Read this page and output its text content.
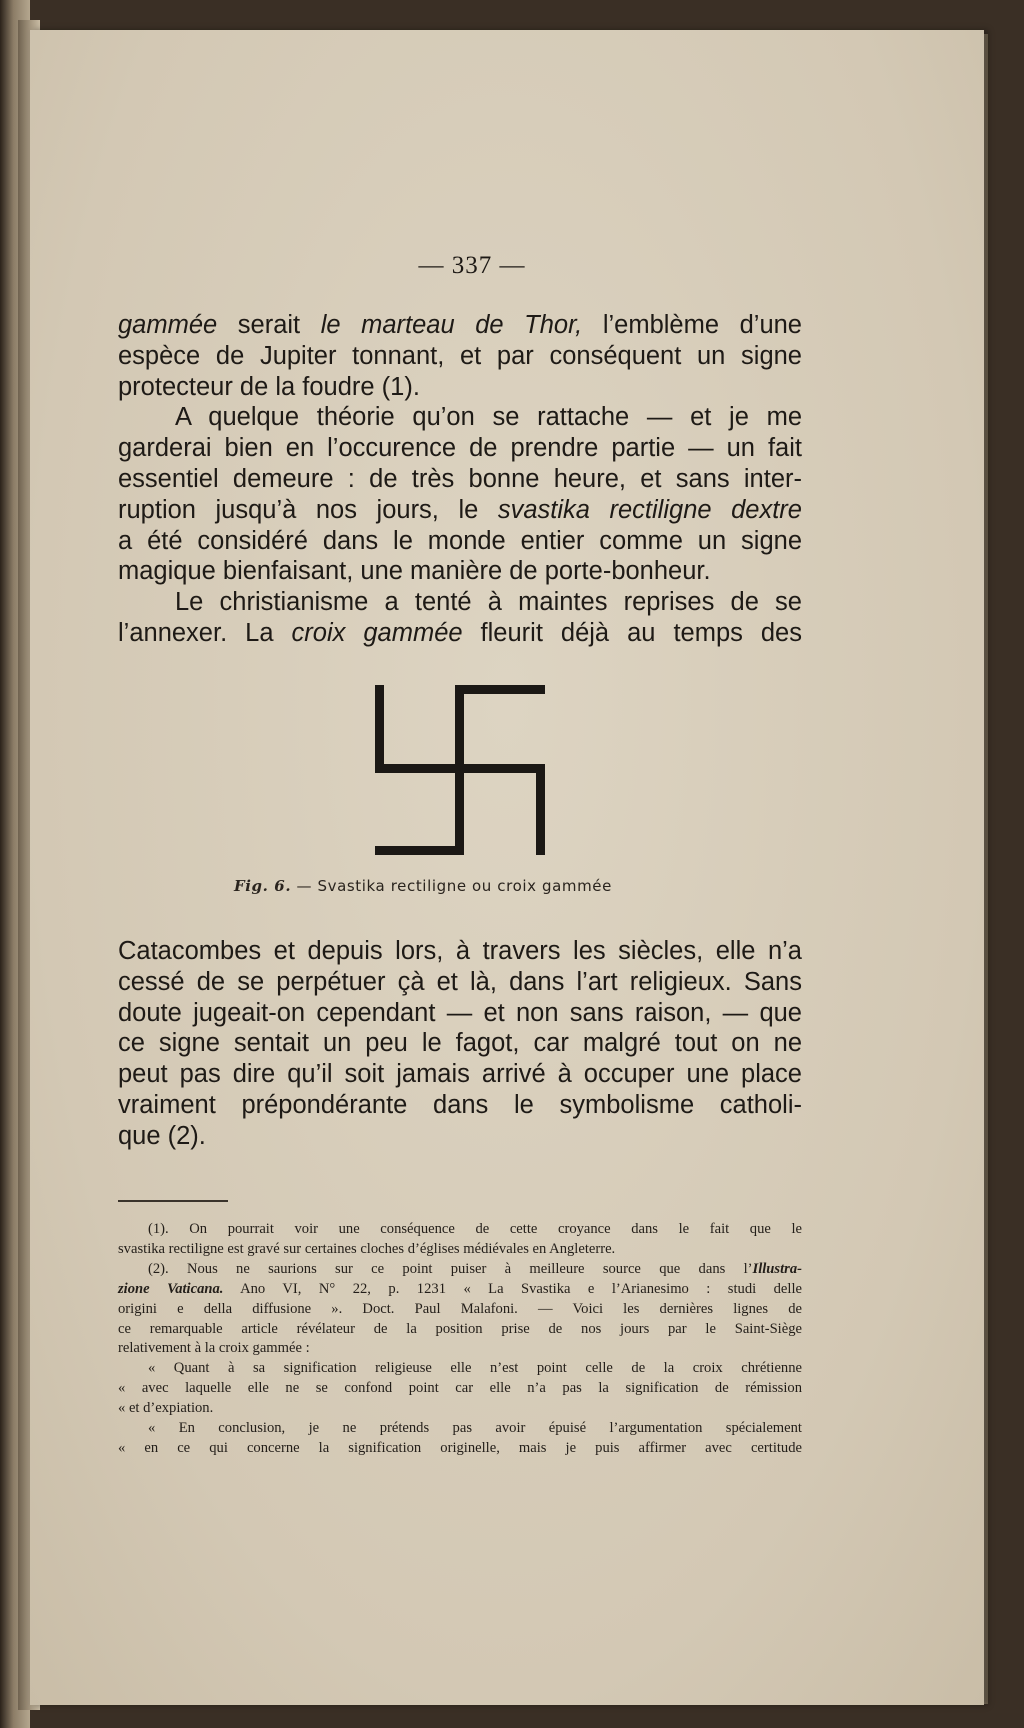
— 337 —
gammée serait le marteau de Thor, l’emblème d’une
espèce de Jupiter tonnant, et par conséquent un signe
protecteur de la foudre (1).
A quelque théorie qu’on se rattache — et je me
garderai bien en l’occurence de prendre partie — un fait
essentiel demeure : de très bonne heure, et sans inter-
ruption jusqu’à nos jours, le svastika rectiligne dextre
a été considéré dans le monde entier comme un signe
magique bienfaisant, une manière de porte-bonheur.
Le christianisme a tenté à maintes reprises de se
l’annexer. La croix gammée fleurit déjà au temps des
Fig. 6. — Svastika rectiligne ou croix gammée
Catacombes et depuis lors, à travers les siècles, elle n’a
cessé de se perpétuer çà et là, dans l’art religieux. Sans
doute jugeait-on cependant — et non sans raison, — que
ce signe sentait un peu le fagot, car malgré tout on ne
peut pas dire qu’il soit jamais arrivé à occuper une place
vraiment prépondérante dans le symbolisme catholi-
que (2).
(1). On pourrait voir une conséquence de cette croyance dans le fait que le
svastika rectiligne est gravé sur certaines cloches d’églises médiévales en Angleterre.
(2). Nous ne saurions sur ce point puiser à meilleure source que dans l’Illustra-
zione Vaticana. Ano VI, N° 22, p. 1231 « La Svastika e l’Arianesimo : studi delle
origini e della diffusione ». Doct. Paul Malafoni. — Voici les dernières lignes de
ce remarquable article révélateur de la position prise de nos jours par le Saint-Siège
relativement à la croix gammée :
« Quant à sa signification religieuse elle n’est point celle de la croix chrétienne
« avec laquelle elle ne se confond point car elle n’a pas la signification de rémission
« et d’expiation.
« En conclusion, je ne prétends pas avoir épuisé l’argumentation spécialement
« en ce qui concerne la signification originelle, mais je puis affirmer avec certitude
